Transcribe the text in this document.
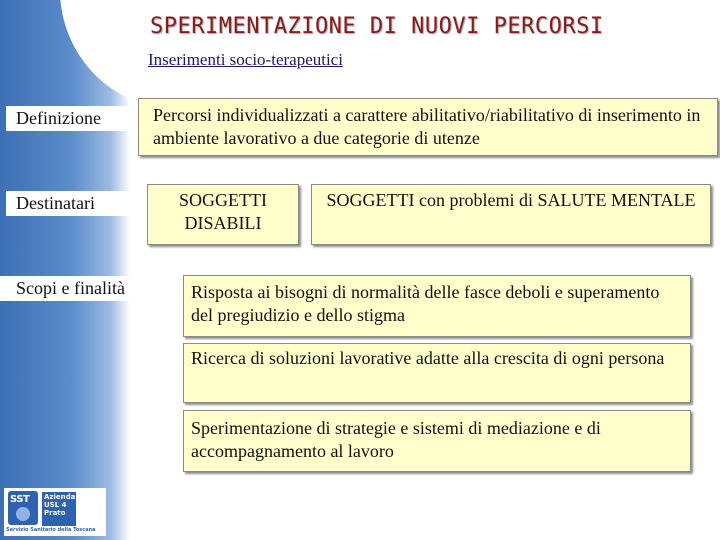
SPERIMENTAZIONE DI NUOVI PERCORSI
Inserimenti socio-terapeutici
Definizione	Percorsi individualizzati a carattere abilitativo/riabilitativo di inserimento in ambiente lavorativo a due categorie di utenze
Destinatari	SOGGETTI DISABILI
SOGGETTI con problemi di SALUTE MENTALE
Scopi e finalità	Risposta ai bisogni di normalità delle fasce deboli e superamento del pregiudizio e dello stigma
Ricerca di soluzioni lavorative adatte alla crescita di ogni persona
Sperimentazione di strategie e sistemi di mediazione e di accompagnamento al lavoro
SST Azienda USL 4 Prato
Servizio Sanitario della Toscana
